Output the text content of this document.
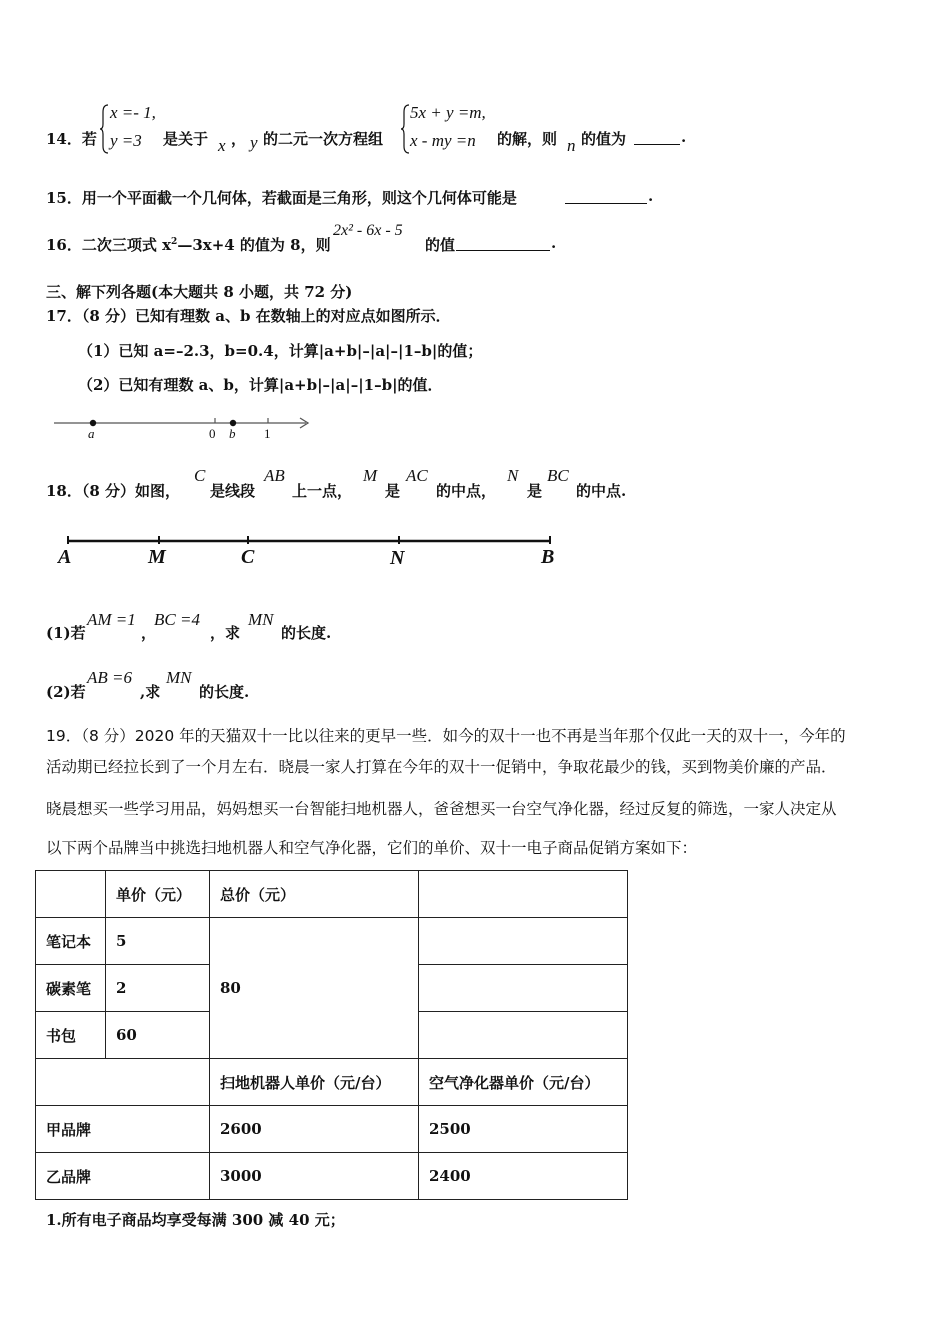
14．若
x =- 1,
y =3 是关于 x ， y 的二元一次方程组
5x + y =m,
x - my =n 的解，则 n 的值为	.
15．用一个平面截一个几何体，若截面是三角形，则这个几何体可能是	.
16．二次三项式 $x^2—3x+4$ 的值为 8，则
2x² - 6x - 5
的值	.
三、解下列各题(本大题共 8 小题，共 72 分)
17．（8 分）已知有理数 a、b 在数轴上的对应点如图所示．
（1）已知 a=–2.3，b=0.4，计算|a+b|–|a|–|1–b|的值；
（2）已知有理数 a、b，计算|a+b|–|a|–|1–b|的值．
a	0 b 1
18．（8 分）如图，
C
是线段
AB
上一点，
M
是
AC
的中点，
N
是
BC
的中点.
A	M	C	N	B
(1)若
AM =1
，
BC =4
，求
MN
的长度.
(2)若
AB =6
,求
MN
的长度.
19．（8 分）2020 年的天猫双十一比以往来的更早一些．如今的双十一也不再是当年那个仅此一天的双十一，今年的
活动期已经拉长到了一个月左右．晓晨一家人打算在今年的双十一促销中，争取花最少的钱，买到物美价廉的产品．
晓晨想买一些学习用品，妈妈想买一台智能扫地机器人，爸爸想买一台空气净化器，经过反复的筛选，一家人决定从
以下两个品牌当中挑选扫地机器人和空气净化器，它们的单价、双十一电子商品促销方案如下：
	单价（元）	总价（元）	
笔记本	5	80	
碳素笔	2		
书包	60		
		扫地机器人单价（元/台）	空气净化器单价（元/台）
甲品牌		2600	2500
乙品牌		3000	2400
1.所有电子商品均享受每满 300 减 40 元；
